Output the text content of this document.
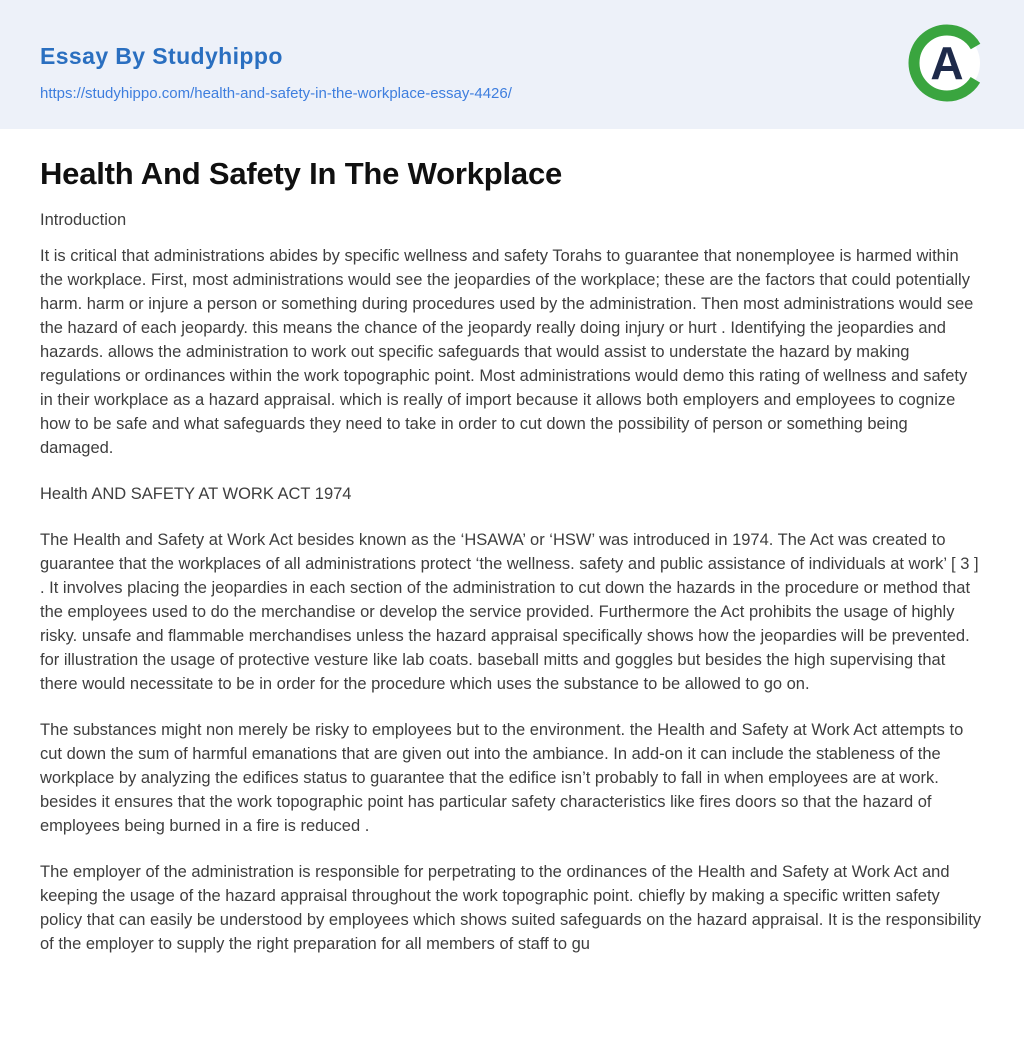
Essay By Studyhippo
https://studyhippo.com/health-and-safety-in-the-workplace-essay-4426/
A
Health And Safety In The Workplace

Introduction

It is critical that administrations abides by specific wellness and safety Torahs to guarantee that nonemployee is harmed within the workplace. First, most administrations would see the jeopardies of the workplace; these are the factors that could potentially harm. harm or injure a person or something during procedures used by the administration. Then most administrations would see the hazard of each jeopardy. this means the chance of the jeopardy really doing injury or hurt . Identifying the jeopardies and hazards. allows the administration to work out specific safeguards that would assist to understate the hazard by making regulations or ordinances within the work topographic point. Most administrations would demo this rating of wellness and safety in their workplace as a hazard appraisal. which is really of import because it allows both employers and employees to cognize how to be safe and what safeguards they need to take in order to cut down the possibility of person or something being damaged.

Health AND SAFETY AT WORK ACT 1974

The Health and Safety at Work Act besides known as the ‘HSAWA’ or ‘HSW’ was introduced in 1974. The Act was created to guarantee that the workplaces of all administrations protect ‘the wellness. safety and public assistance of individuals at work’ [ 3 ] . It involves placing the jeopardies in each section of the administration to cut down the hazards in the procedure or method that the employees used to do the merchandise or develop the service provided. Furthermore the Act prohibits the usage of highly risky. unsafe and flammable merchandises unless the hazard appraisal specifically shows how the jeopardies will be prevented. for illustration the usage of protective vesture like lab coats. baseball mitts and goggles but besides the high supervising that there would necessitate to be in order for the procedure which uses the substance to be allowed to go on.

The substances might non merely be risky to employees but to the environment. the Health and Safety at Work Act attempts to cut down the sum of harmful emanations that are given out into the ambiance. In add-on it can include the stableness of the workplace by analyzing the edifices status to guarantee that the edifice isn’t probably to fall in when employees are at work. besides it ensures that the work topographic point has particular safety characteristics like fires doors so that the hazard of employees being burned in a fire is reduced .

The employer of the administration is responsible for perpetrating to the ordinances of the Health and Safety at Work Act and keeping the usage of the hazard appraisal throughout the work topographic point. chiefly by making a specific written safety policy that can easily be understood by employees which shows suited safeguards on the hazard appraisal. It is the responsibility of the employer to supply the right preparation for all members of staff to gu
